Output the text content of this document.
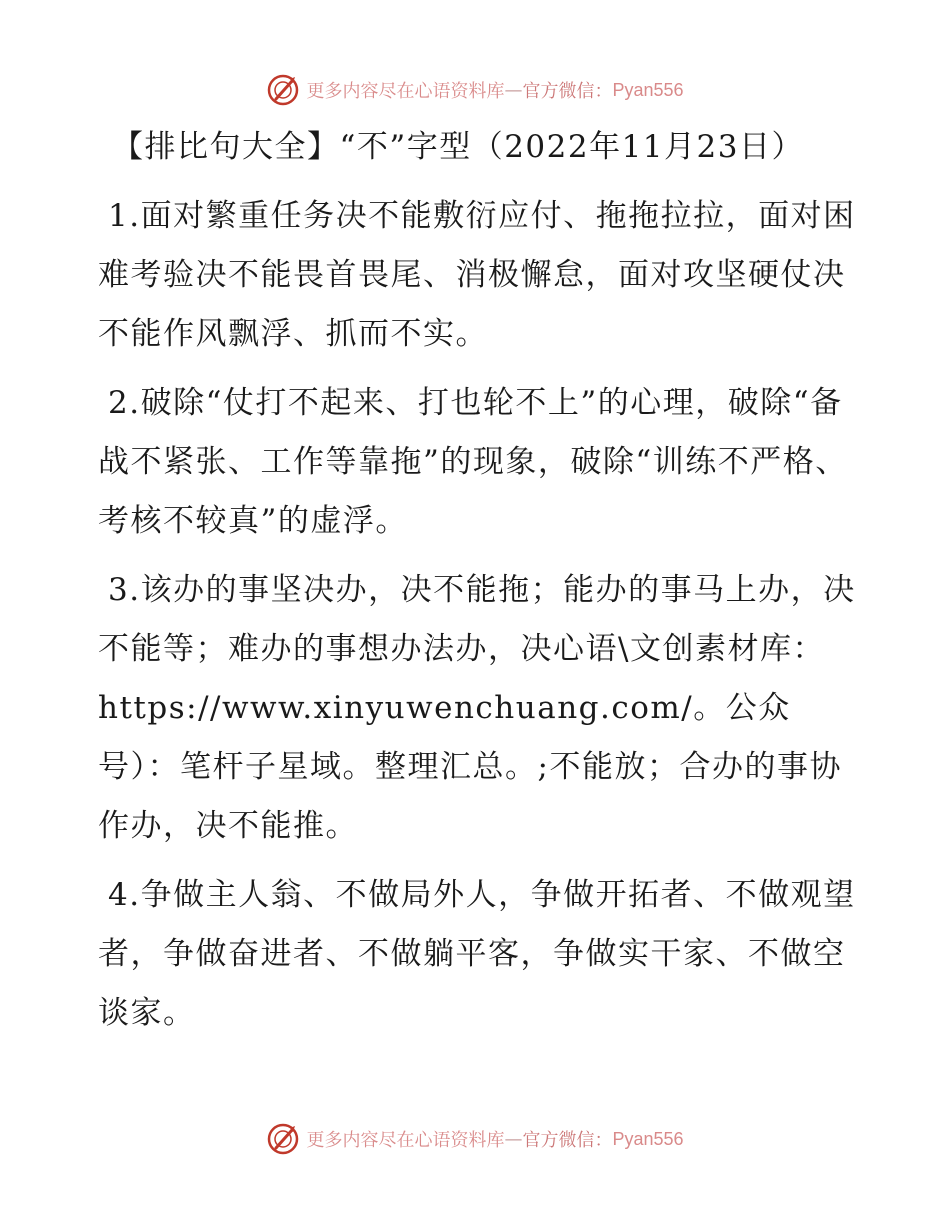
更多内容尽在心语资料库 — 官方微信： Pyan556

【排比句大全】“不”字型（2022年11月23日）

1.面对繁重任务决不能敷衍应付、拖拖拉拉，面对困难考验决不能畏首畏尾、消极懈怠，面对攻坚硬仗决不能作风飘浮、抓而不实。

2.破除“仗打不起来、打也轮不上”的心理，破除“备战不紧张、工作等靠拖”的现象，破除“训练不严格、考核不较真”的虚浮。

3.该办的事坚决办，决不能拖；能办的事马上办，决不能等；难办的事想办法办，决心语\文创素材库：https://www.xinyuwenchuang.com/。公众号）：笔杆子星域。整理汇总。;不能放；合办的事协作办，决不能推。

4.争做主人翁、不做局外人，争做开拓者、不做观望者，争做奋进者、不做躺平客，争做实干家、不做空谈家。

更多内容尽在心语资料库 — 官方微信： Pyan556
